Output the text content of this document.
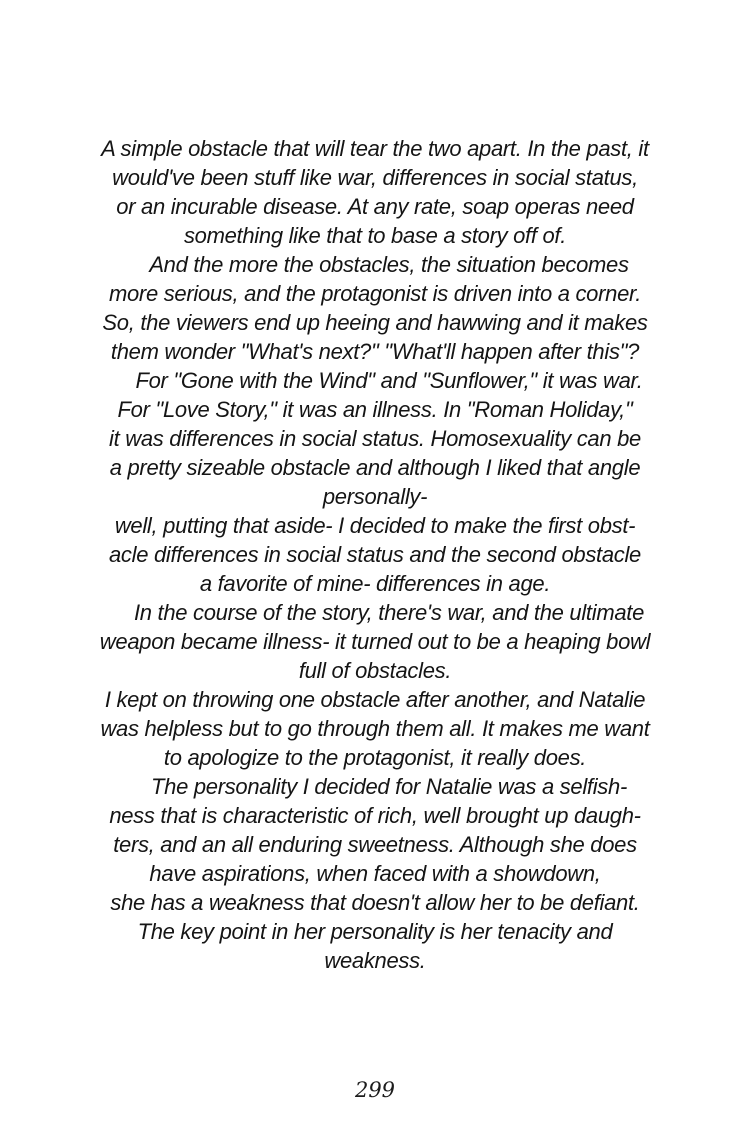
A simple obstacle that will tear the two apart. In the past, it
would've been stuff like war, differences in social status,
or an incurable disease. At any rate, soap operas need
something like that to base a story off of.
And the more the obstacles, the situation becomes
more serious, and the protagonist is driven into a corner.
So, the viewers end up heeing and hawwing and it makes
them wonder "What's next?" "What'll happen after this"?
For "Gone with the Wind" and "Sunflower," it was war.
For "Love Story," it was an illness. In "Roman Holiday,"
it was differences in social status. Homosexuality can be
a pretty sizeable obstacle and although I liked that angle
personally-
well, putting that aside- I decided to make the first obst-
acle differences in social status and the second obstacle
a favorite of mine- differences in age.
In the course of the story, there's war, and the ultimate
weapon became illness- it turned out to be a heaping bowl
full of obstacles.
I kept on throwing one obstacle after another, and Natalie
was helpless but to go through them all. It makes me want
to apologize to the protagonist, it really does.
The personality I decided for Natalie was a selfish-
ness that is characteristic of rich, well brought up daugh-
ters, and an all enduring sweetness. Although she does
have aspirations, when faced with a showdown,
she has a weakness that doesn't allow her to be defiant.
The key point in her personality is her tenacity and
weakness.
299
